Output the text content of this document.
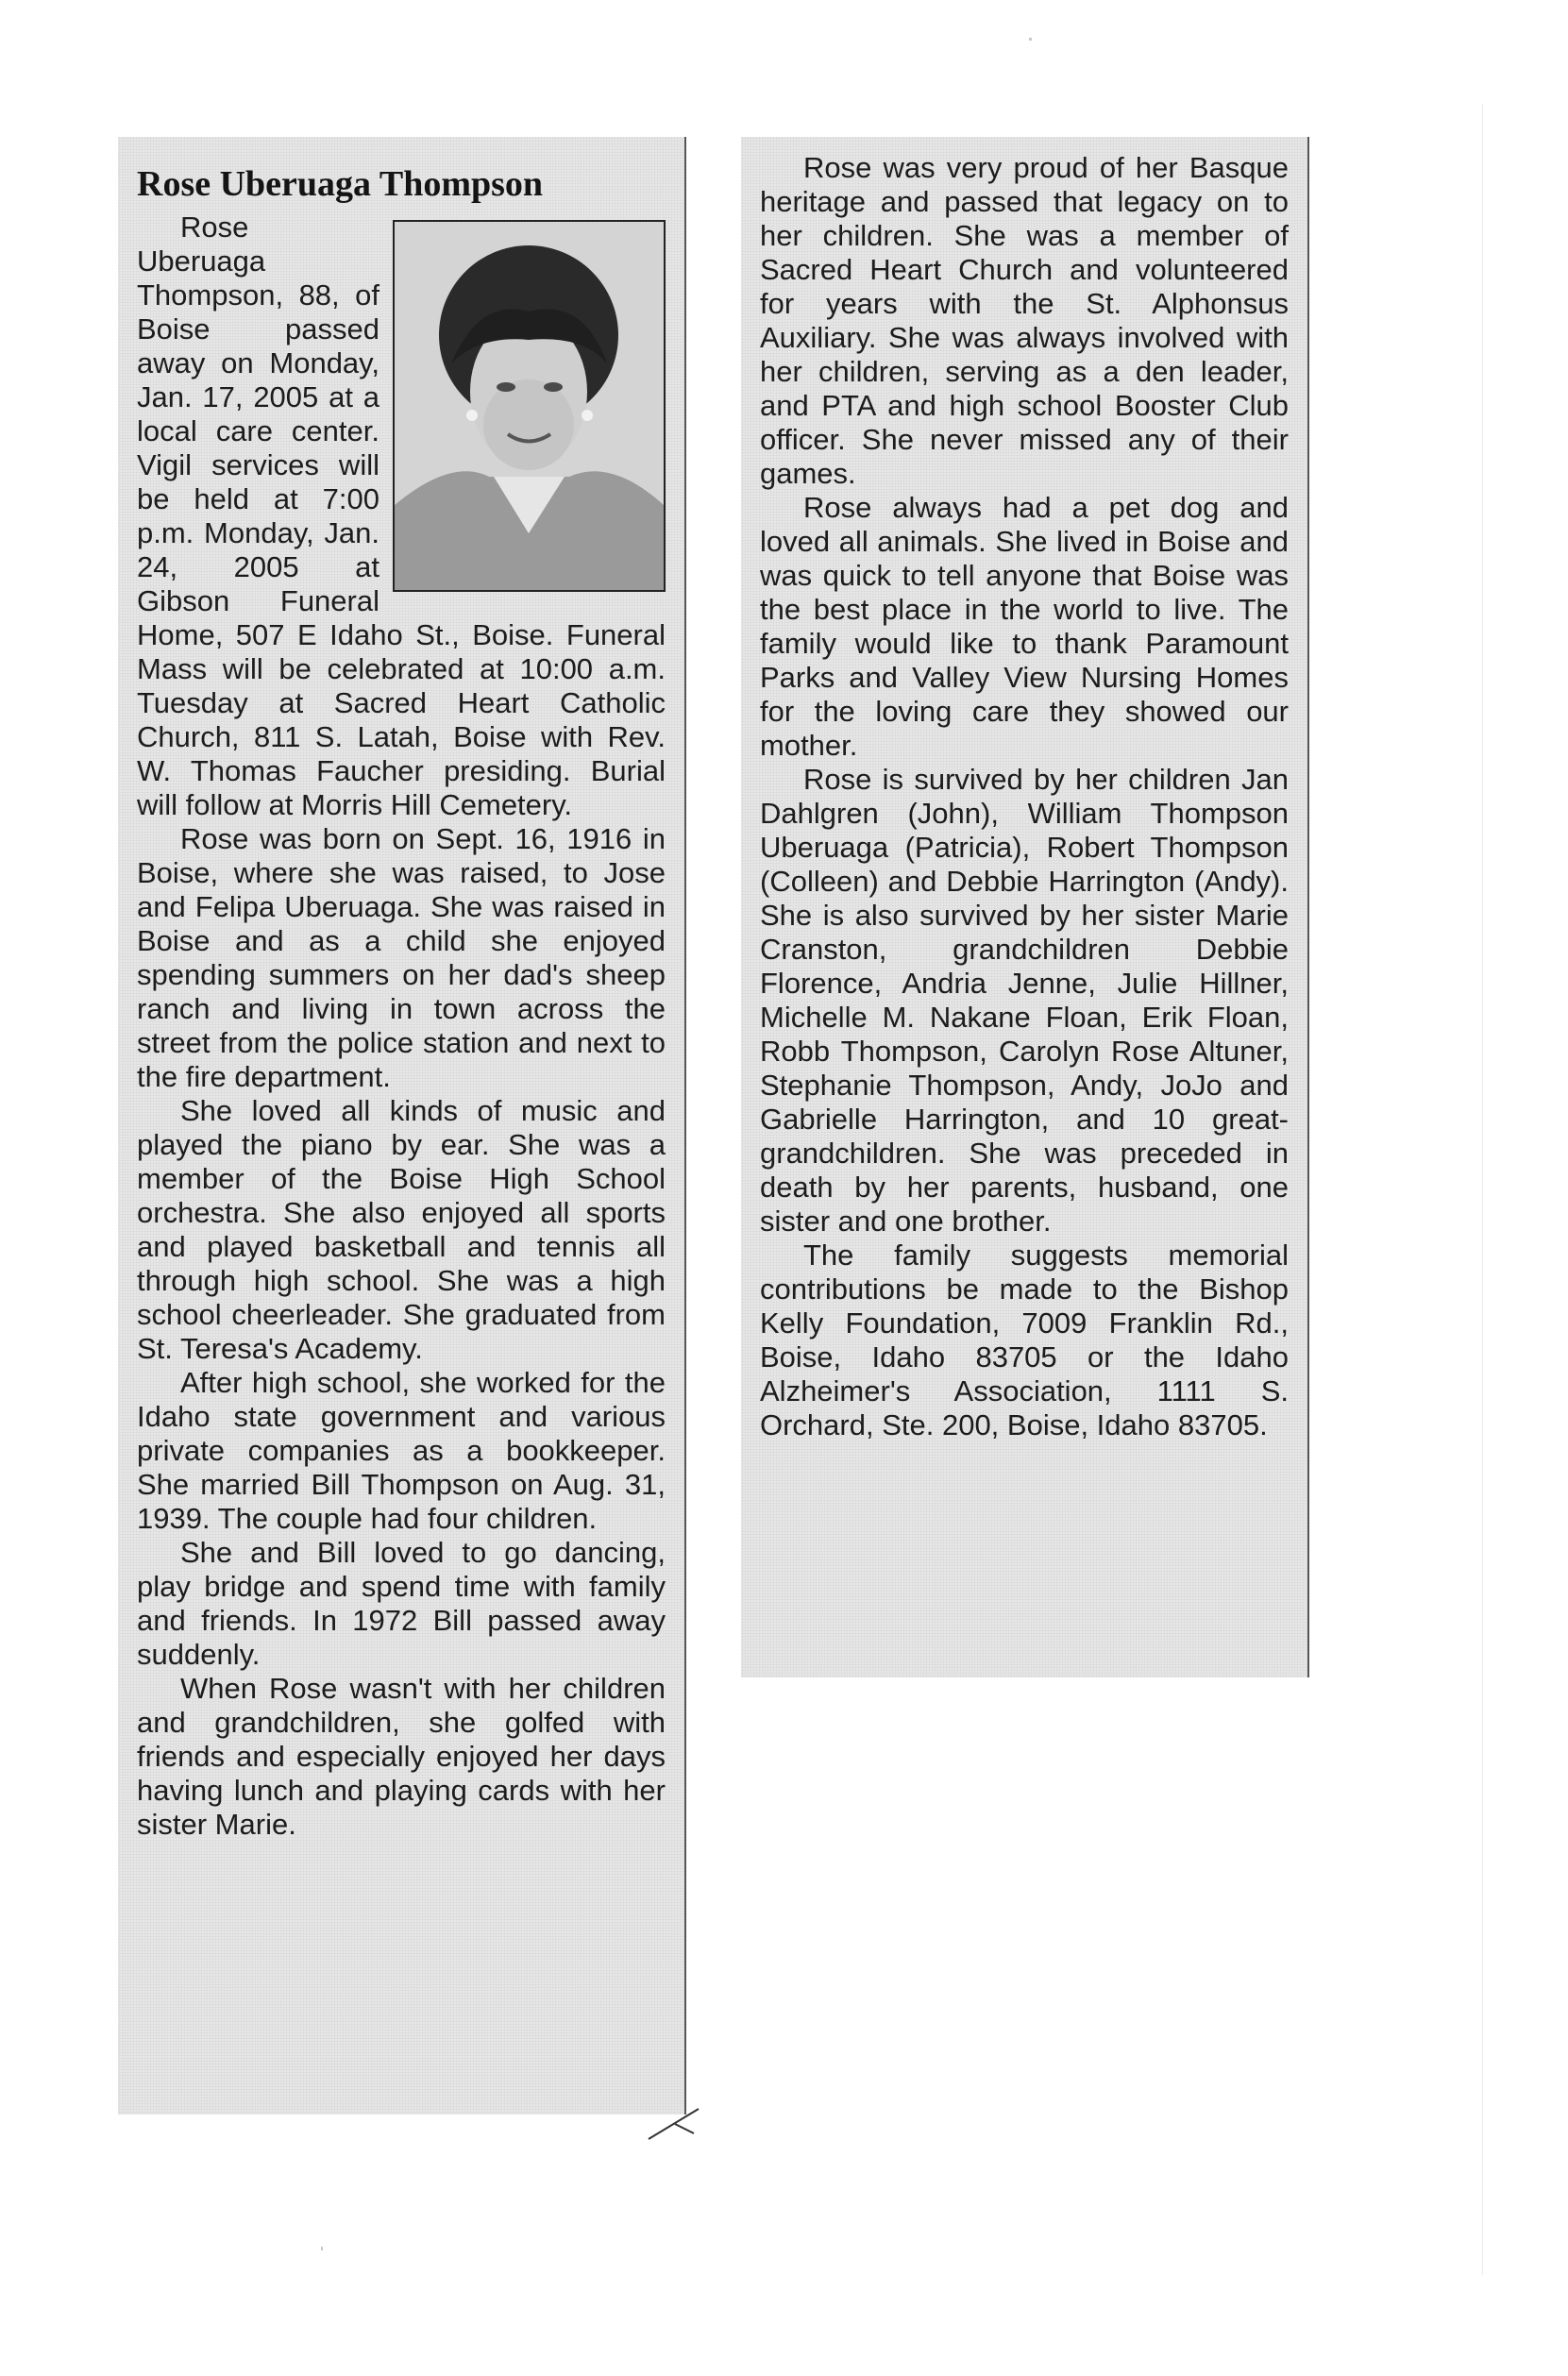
Rose Uberuaga Thompson

Rose Uberuaga Thompson, 88, of Boise passed away on Monday, Jan. 17, 2005 at a local care center. Vigil services will be held at 7:00 p.m. Monday, Jan. 24, 2005 at Gibson Funeral Home, 507 E Idaho St., Boise. Funeral Mass will be celebrated at 10:00 a.m. Tuesday at Sacred Heart Catholic Church, 811 S. Latah, Boise with Rev. W. Thomas Faucher presiding. Burial will follow at Morris Hill Cemetery.

Rose was born on Sept. 16, 1916 in Boise, where she was raised, to Jose and Felipa Uberuaga. She was raised in Boise and as a child she enjoyed spending summers on her dad's sheep ranch and living in town across the street from the police station and next to the fire department.

She loved all kinds of music and played the piano by ear. She was a member of the Boise High School orchestra. She also enjoyed all sports and played basketball and tennis all through high school. She was a high school cheerleader. She graduated from St. Teresa's Academy.

After high school, she worked for the Idaho state government and various private companies as a bookkeeper. She married Bill Thompson on Aug. 31, 1939. The couple had four children.

She and Bill loved to go dancing, play bridge and spend time with family and friends. In 1972 Bill passed away suddenly.

When Rose wasn't with her children and grandchildren, she golfed with friends and especially enjoyed her days having lunch and playing cards with her sister Marie.

Rose was very proud of her Basque heritage and passed that legacy on to her children. She was a member of Sacred Heart Church and volunteered for years with the St. Alphonsus Auxiliary. She was always involved with her children, serving as a den leader, and PTA and high school Booster Club officer. She never missed any of their games.

Rose always had a pet dog and loved all animals. She lived in Boise and was quick to tell anyone that Boise was the best place in the world to live. The family would like to thank Paramount Parks and Valley View Nursing Homes for the loving care they showed our mother.

Rose is survived by her children Jan Dahlgren (John), William Thompson Uberuaga (Patricia), Robert Thompson (Colleen) and Debbie Harrington (Andy). She is also survived by her sister Marie Cranston, grandchildren Debbie Florence, Andria Jenne, Julie Hillner, Michelle M. Nakane Floan, Erik Floan, Robb Thompson, Carolyn Rose Altuner, Stephanie Thompson, Andy, JoJo and Gabrielle Harrington, and 10 great-grandchildren. She was preceded in death by her parents, husband, one sister and one brother.

The family suggests memorial contributions be made to the Bishop Kelly Foundation, 7009 Franklin Rd., Boise, Idaho 83705 or the Idaho Alzheimer's Association, 1111 S. Orchard, Ste. 200, Boise, Idaho 83705.
